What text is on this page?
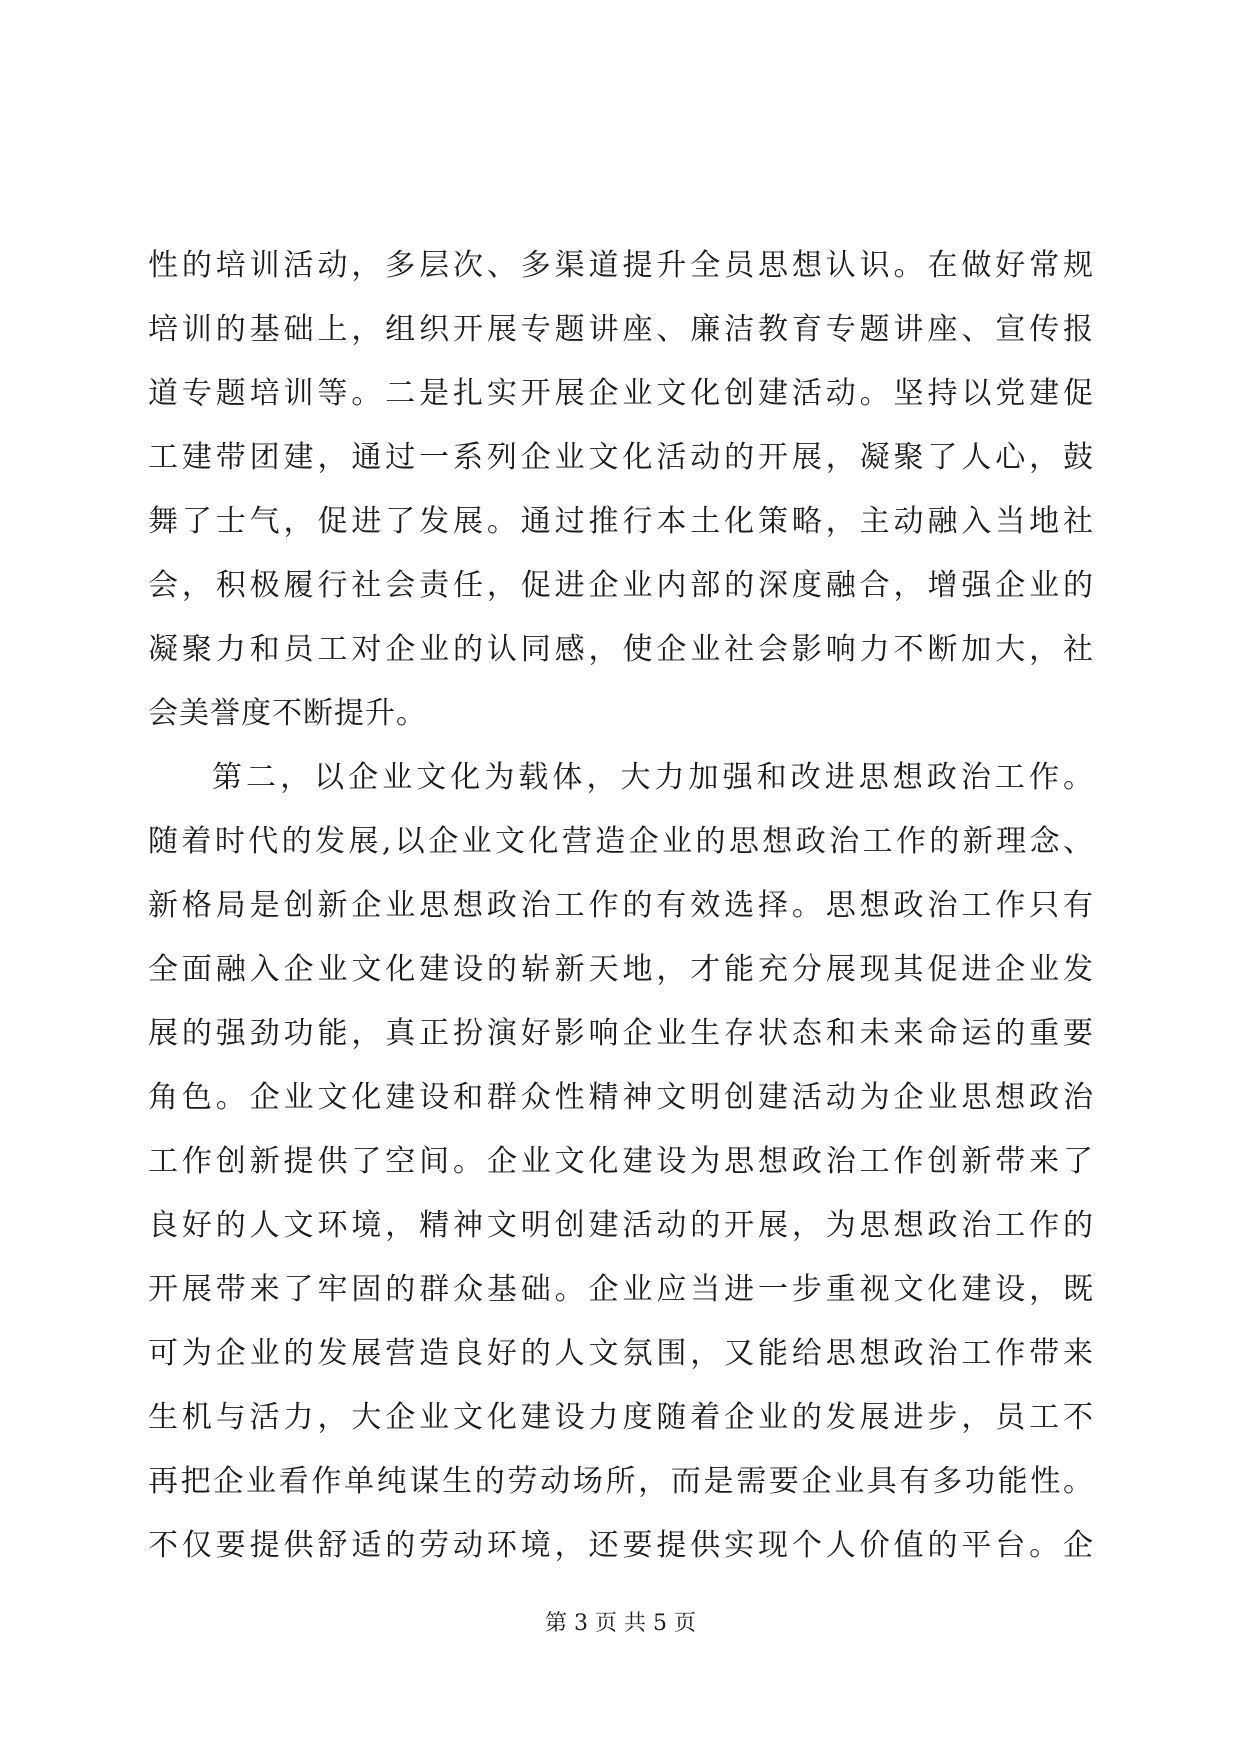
性的培训活动，多层次、多渠道提升全员思想认识。在做好常规
培训的基础上，组织开展专题讲座、廉洁教育专题讲座、宣传报
道专题培训等。二是扎实开展企业文化创建活动。坚持以党建促
工建带团建，通过一系列企业文化活动的开展，凝聚了人心，鼓
舞了士气，促进了发展。通过推行本土化策略，主动融入当地社
会，积极履行社会责任，促进企业内部的深度融合，增强企业的
凝聚力和员工对企业的认同感，使企业社会影响力不断加大，社
会美誉度不断提升。
第二，以企业文化为载体，大力加强和改进思想政治工作。
随着时代的发展,以企业文化营造企业的思想政治工作的新理念、
新格局是创新企业思想政治工作的有效选择。思想政治工作只有
全面融入企业文化建设的崭新天地，才能充分展现其促进企业发
展的强劲功能，真正扮演好影响企业生存状态和未来命运的重要
角色。企业文化建设和群众性精神文明创建活动为企业思想政治
工作创新提供了空间。企业文化建设为思想政治工作创新带来了
良好的人文环境，精神文明创建活动的开展，为思想政治工作的
开展带来了牢固的群众基础。企业应当进一步重视文化建设，既
可为企业的发展营造良好的人文氛围，又能给思想政治工作带来
生机与活力，大企业文化建设力度随着企业的发展进步，员工不
再把企业看作单纯谋生的劳动场所，而是需要企业具有多功能性。
不仅要提供舒适的劳动环境，还要提供实现个人价值的平台。企
第 3 页 共 5 页
